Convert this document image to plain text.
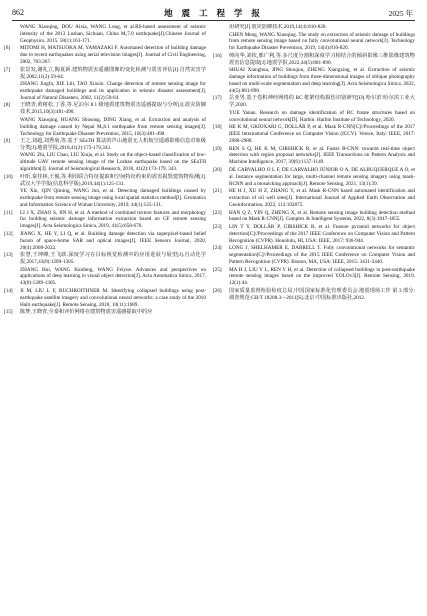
862	地 震 工 程 学 报	2025 年
WANG Xiaoqing, DOU Aixia, WANG Long, et al.RS-based assessment of seismic intensity of the 2013 Lushan, Sichuan, China M₅7.0 earthquake[J].Chinese Journal of Geophysics, 2015, 58(1):163-171.
[6]	MITOMI H, MATSUOKA M, YAMAZAKI F. Automated detection of building damage due to recent earthquakes using aerial television images[J]. Journal of Civil Engineering, 2002, 703:267.
[7]	张景发,谢礼立,陶夏新.建筑物震害遥感图像的变化检测与震害评估[J].自然灾害学报,2002,11(2):59-64.
ZHANG Jingfa, XIE Lili, TAO Xiaxin. Change detection of remote sensing image for earthquake damaged buildings and its application in seismic disaster assessment[J]. Journal of Natural Disasters, 2002, 11(2):59-64.
[8]	王晓青,黄树松,丁香,等.尼泊尔 8.1 级地震建筑物震害遥感提取与分析[J].震灾防御技术,2015,10(3):481-490.
WANG Xiaoqing, HUANG Shusong, DING Xiang, et al. Extraction and analysis of building damage caused by Nepal M₅8.1 earthquake from remote sensing images[J]. Technology for Earthquake Disaster Prevention, 2015, 10(3):481-490.
[9]	王之,刘超,刘秀菊,等.基于 SEaTH 算法的芦山地震无人机航空遥感影像信息对象级分类[J].地震学报,2018,41(2):173-179,343.
WANG Zhi, LIU Chao, LIU Xiuju, et al. Study on the object-based classification of low-altitude UAV remote sensing image of the Lushan earthquake based on the SEaTH algorithm[J]. Journal of Seismological Research, 2018, 41(2):173-179, 343.
[10]	叶昕,秦佳林,王俊,等.利用联合特征提取和空间特征约束的震害损毁建筑物检测[J].武汉大学学报(信息科学版),2019,44(1):125-131.
YE Xin, QIN Qiming, WANG Jun, et al. Detecting damaged buildings caused by earthquake from remote sensing image using local spatial statistics method[J]. Geomatics and Information Science of Wuhan University, 2019, 44(1):125-131.
[11]	LI J X, ZHAO S, JIN H, et al. A method of combined texture features and morphology for building seismic damage information extraction based on GF remote sensing images[J]. Acta Seismologica Sinica, 2019, 41(5):658-670.
[12]	JIANG X, HE Y, LI Q, et al. Building damage detection via superpixel-based belief fusion of space-borne SAR and optical images[J]. IEEE Sensors Journal, 2020, 20(4):2008-2022.
[13]	张慧,王坤峰,王飞跃.深度学习在目标视觉检测中的应用进展与展望[J].自动化学报,2017,43(8):1289-1305.
ZHANG Hui, WANG Kunfeng, WANG Feiyue. Advances and perspectives on applications of deep learning in visual object detection[J]. Acta Automatica Sinica, 2017, 43(8):1289-1305.
[14]	JI M, LIU L F, BUCHROITHNER M. Identifying collapsed buildings using post-earthquake satellite imagery and convolutional neural networks: a case study of the 2010 Haiti earthquake[J]. Remote Sensing, 2018, 10(11):1689.
[15]	陈梦,王晓青,全泰和评价网络在建筑物震害遥感提取中的应
用研究[J].震灾防御技术,2019,14(4):810-820.
CHEN Meng, WANG Xiaoqing. The study on extraction of seismic damage of buildings from remote sensing image based on fully convolutional neural network[J]. Technology for Earthquake Disaster Prevention, 2019, 14(4):810-820.
[16]	帅向华,刘钦,邢广利,等.多尺度分割和深度学习相结合的倾斜影像三维影像建筑物震害信息提取[J].地震学报,2022,44(5):881-890.
SHUAI Xianghua, JING Shoujun, ZHENG Xiangxing, et al. Extraction of seismic damage information of buildings from three-dimensional images of oblique photography based on multi-scale segmentation and deep learning[J]. Acta Seismologica Sinica, 2022, 44(5):881-890.
[17]	岳亚男.基于卷积神经网络的 RC 框架结构损伤识别研究[D].哈尔滨:哈尔滨工业大学,2020.
YUE Yanan. Research on damage identification of RC frame structures based on convolutional neural network[D]. Harbin: Harbin Institute of Technology, 2020.
[18]	HE K M, GKIOXARI G, DOLLÁR P, et al. Mask R-CNN[C]//Proceedings of the 2017 IEEE International Conference on Computer Vision (ICCV). Venice, Italy: IEEE, 2017: 2980-2988.
[19]	REN S Q, HE K M, GIRSHICK R, et al. Faster R-CNN: towards real-time object detection with region proposal networks[J]. IEEE Transactions on Pattern Analysis and Machine Intelligence, 2017, 39(6):1137-1149.
[20]	DE CARVALHO O L F, DE CARVALHO JÚNIOR O A, DE ALBUQUERQUE A O, et al. Instance segmentation for large, multi-channel remote sensing imagery using mask-RCNN and a mosaicking approach[J]. Remote Sensing, 2021, 13(1):39.
[21]	HE H J, XU H Z, ZHANG Y, et al. Mask R-CNN based automated identification and extraction of oil well sites[J]. International Journal of Applied Earth Observation and Geoinformation, 2022, 112:102875.
[22]	HAN Q Z, YIN Q, ZHENG X, et al. Remote sensing image building detection method based on Mask R-CNN[J]. Complex & Intelligent Systems, 2022, 8(3):1847-1855.
[23]	LIN T Y, DOLLÁR P, GIRSHICK R, et al. Feature pyramid networks for object detection[C]//Proceedings of the 2017 IEEE Conference on Computer Vision and Pattern Recognition (CVPR). Honolulu, HI, USA: IEEE, 2017: 936-944.
[24]	LONG J, SHELHAMER E, DARRELL T. Fully convolutional networks for semantic segmentation[C]//Proceedings of the 2015 IEEE Conference on Computer Vision and Pattern Recognition (CVPR). Boston, MA, USA: IEEE, 2015: 3431-3440.
[25]	MA H J, LIU Y L, REN Y H, et al. Detection of collapsed buildings in post-earthquake remote sensing images based on the improved YOLOv3[J]. Remote Sensing, 2019, 12(1):44.
[26]	国家质量监督检验检疫总局,中国国家标准化管理委员会.地震现场工作 第 3 部分:调查规范:GB/T 18208.3—2011[S].北京:中国标准出版社,2012.
